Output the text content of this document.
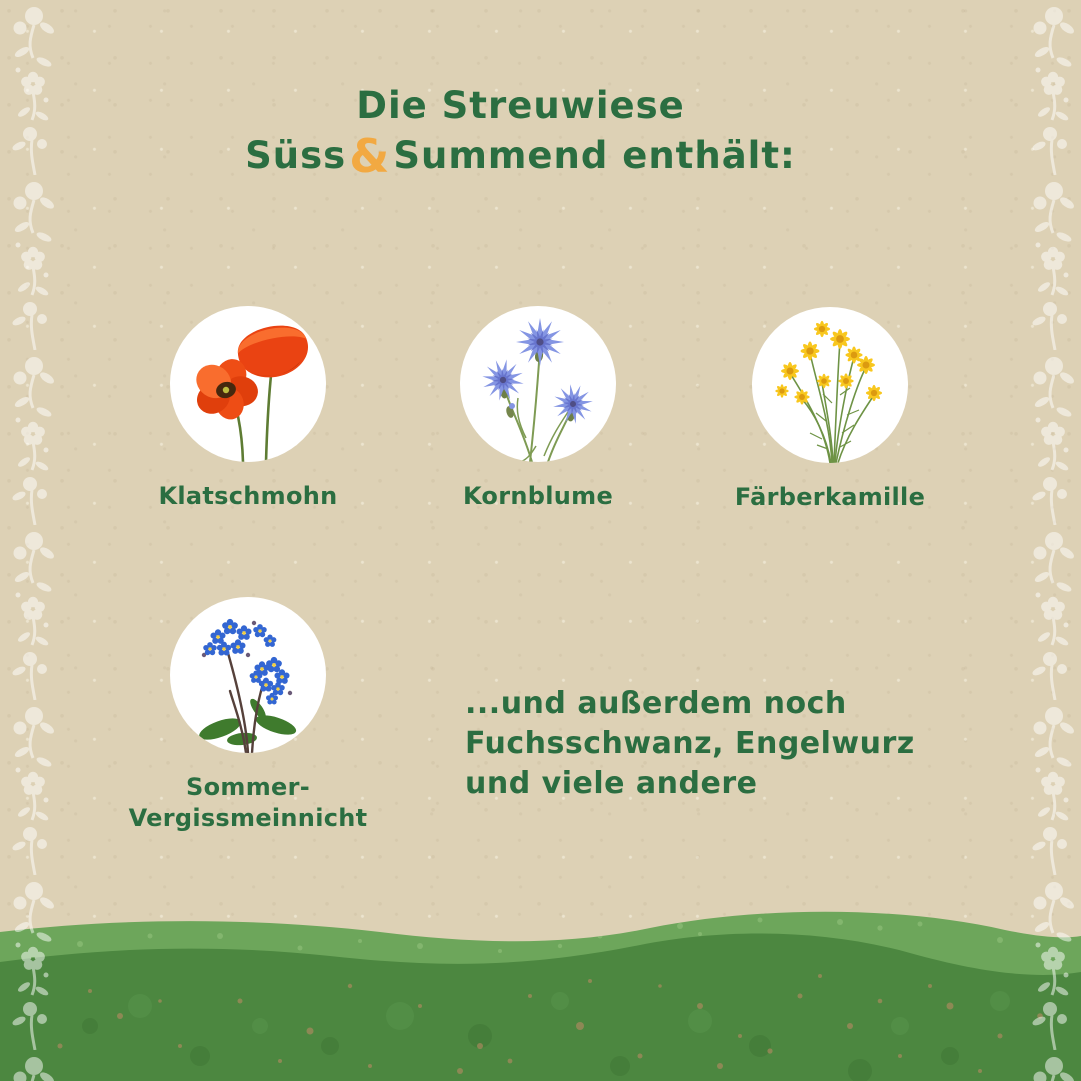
Die Streuwiese
Süss&Summend enthält:
Klatschmohn	Kornblume	Färberkamille
Sommer-
Vergissmeinnicht
...und außerdem noch
Fuchsschwanz, Engelwurz
und viele andere
